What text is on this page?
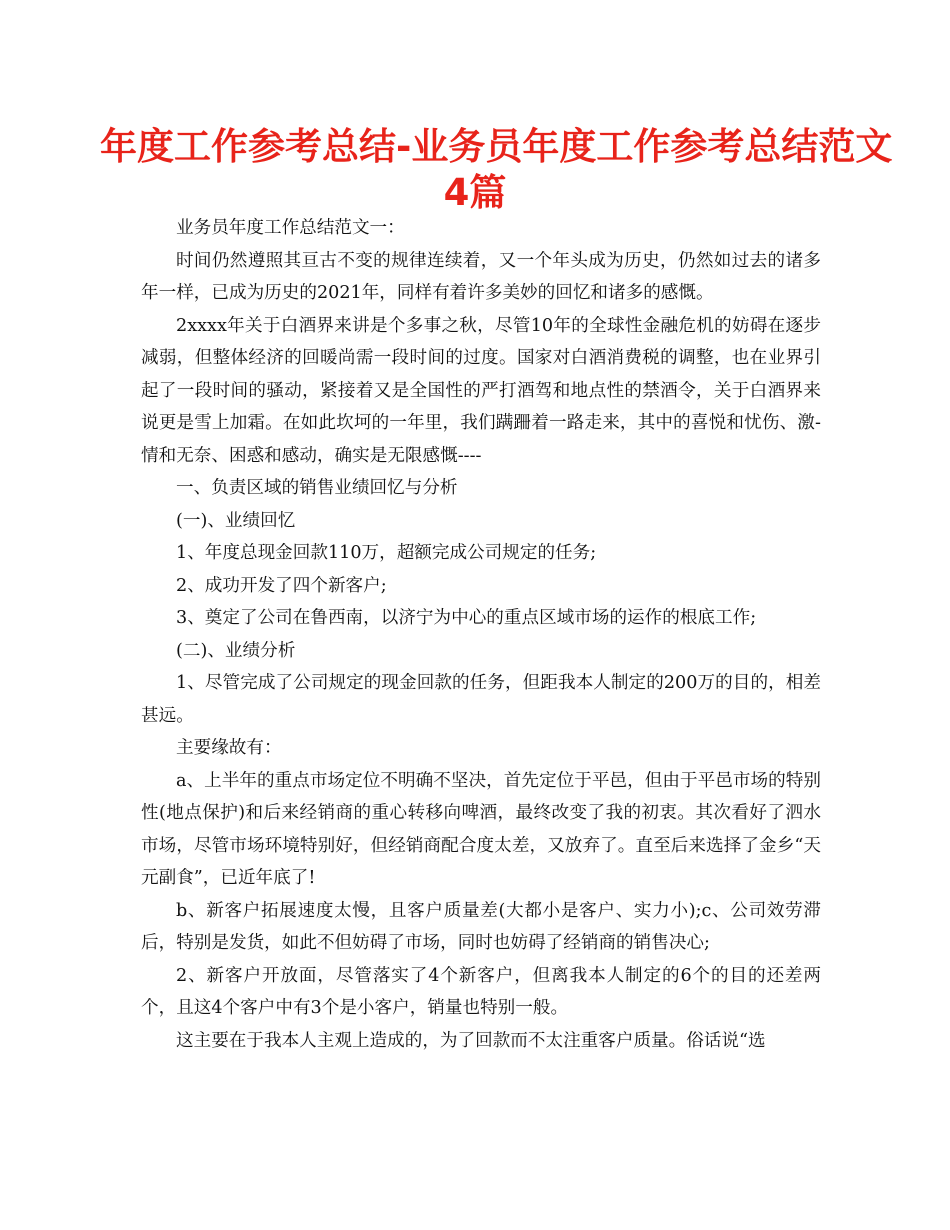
年度工作参考总结-业务员年度工作参考总结范文
4篇

业务员年度工作总结范文一：

时间仍然遵照其亘古不变的规律连续着，又一个年头成为历史，仍然如过去的诸多年一样，已成为历史的2021年，同样有着许多美妙的回忆和诸多的感慨。

2xxxx年关于白酒界来讲是个多事之秋，尽管10年的全球性金融危机的妨碍在逐步减弱，但整体经济的回暖尚需一段时间的过度。国家对白酒消费税的调整，也在业界引起了一段时间的骚动，紧接着又是全国性的严打酒驾和地点性的禁酒令，关于白酒界来说更是雪上加霜。在如此坎坷的一年里，我们蹒跚着一路走来，其中的喜悦和忧伤、激-情和无奈、困惑和感动，确实是无限感慨----

一、负责区域的销售业绩回忆与分析

(一)、业绩回忆

1、年度总现金回款110万，超额完成公司规定的任务;

2、成功开发了四个新客户;

3、奠定了公司在鲁西南，以济宁为中心的重点区域市场的运作的根底工作;

(二)、业绩分析

1、尽管完成了公司规定的现金回款的任务，但距我本人制定的200万的目的，相差甚远。

主要缘故有：

a、上半年的重点市场定位不明确不坚决，首先定位于平邑，但由于平邑市场的特别性(地点保护)和后来经销商的重心转移向啤酒，最终改变了我的初衷。其次看好了泗水市场，尽管市场环境特别好，但经销商配合度太差，又放弃了。直至后来选择了金乡“天元副食”，已近年底了!

b、新客户拓展速度太慢，且客户质量差(大都小是客户、实力小);c、公司效劳滞后，特别是发货，如此不但妨碍了市场，同时也妨碍了经销商的销售决心;

2、新客户开放面，尽管落实了4个新客户，但离我本人制定的6个的目的还差两个，且这4个客户中有3个是小客户，销量也特别一般。

这主要在于我本人主观上造成的，为了回款而不太注重客户质量。俗话说“选
